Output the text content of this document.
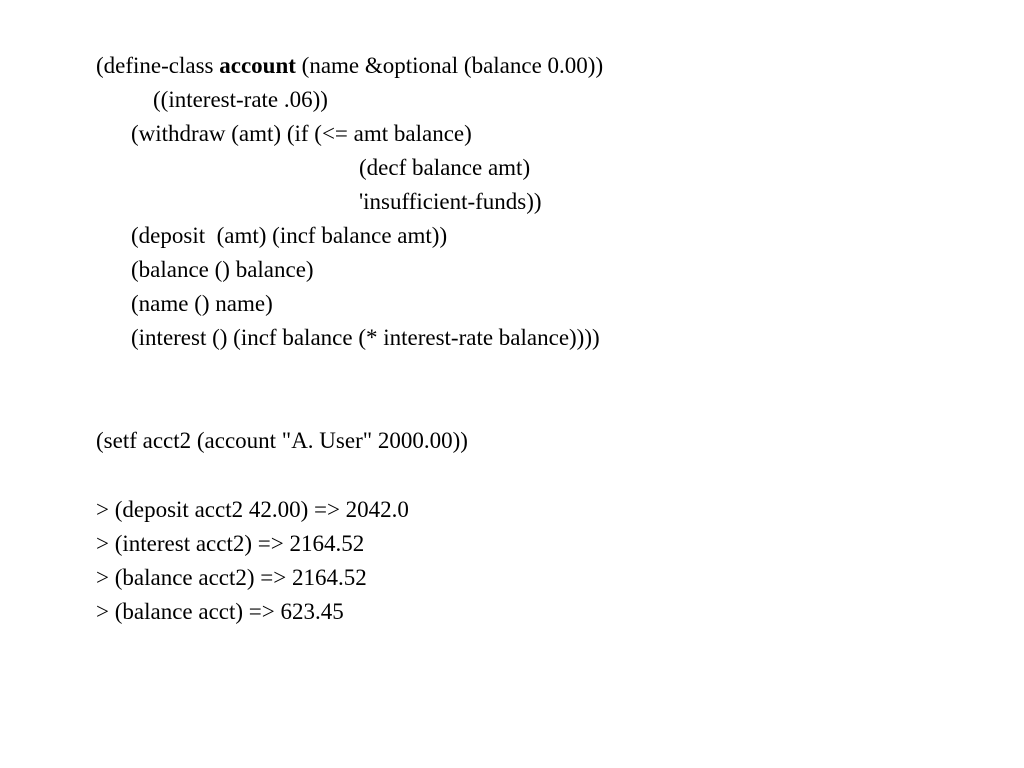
(define-class account (name &optional (balance 0.00))
((interest-rate .06))
(withdraw (amt) (if (<= amt balance)
(decf balance amt)
'insufficient-funds))
(deposit  (amt) (incf balance amt))
(balance () balance)
(name () name)
(interest () (incf balance (* interest-rate balance))))
(setf acct2 (account "A. User" 2000.00))
> (deposit acct2 42.00) => 2042.0
> (interest acct2) => 2164.52
> (balance acct2) => 2164.52
> (balance acct) => 623.45
